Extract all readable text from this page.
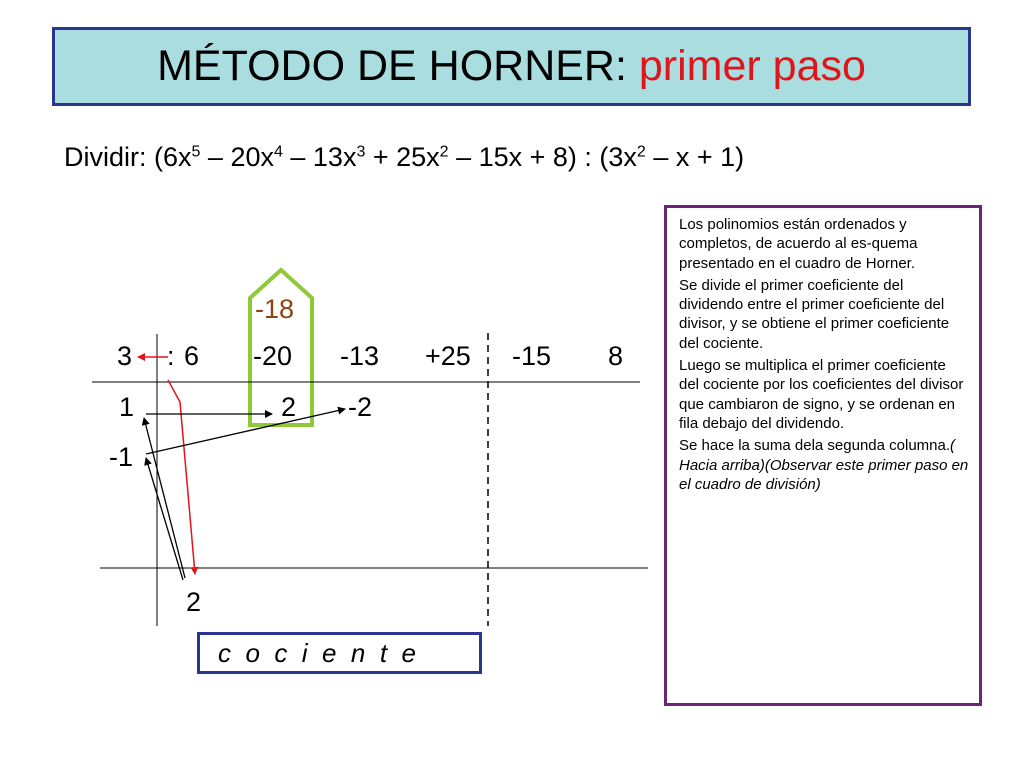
MÉTODO DE HORNER:
primer paso
Dividir: $(6x^5 - 20x^4 - 13x^3 + 25x^2 - 15x + 8)$ : $(3x^2 - x + 1)$
-18
3 : 6 -20 -13 +25 -15 8
1
-1
2 -2
2
c  o  c  i  e  n  t  e

Los polinomios están ordenados y completos, de acuerdo al es-quema presentado en el cuadro de Horner.

Se divide el primer coeficiente del dividendo entre el primer coeficiente del divisor, y se obtiene el primer coeficiente del cociente.

Luego se multiplica el primer coeficiente del cociente por los coeficientes del divisor que cambiaron de signo, y se ordenan en fila debajo del dividendo.

Se hace la suma dela segunda columna.( Hacia arriba)(Observar este primer paso en el cuadro de división)
